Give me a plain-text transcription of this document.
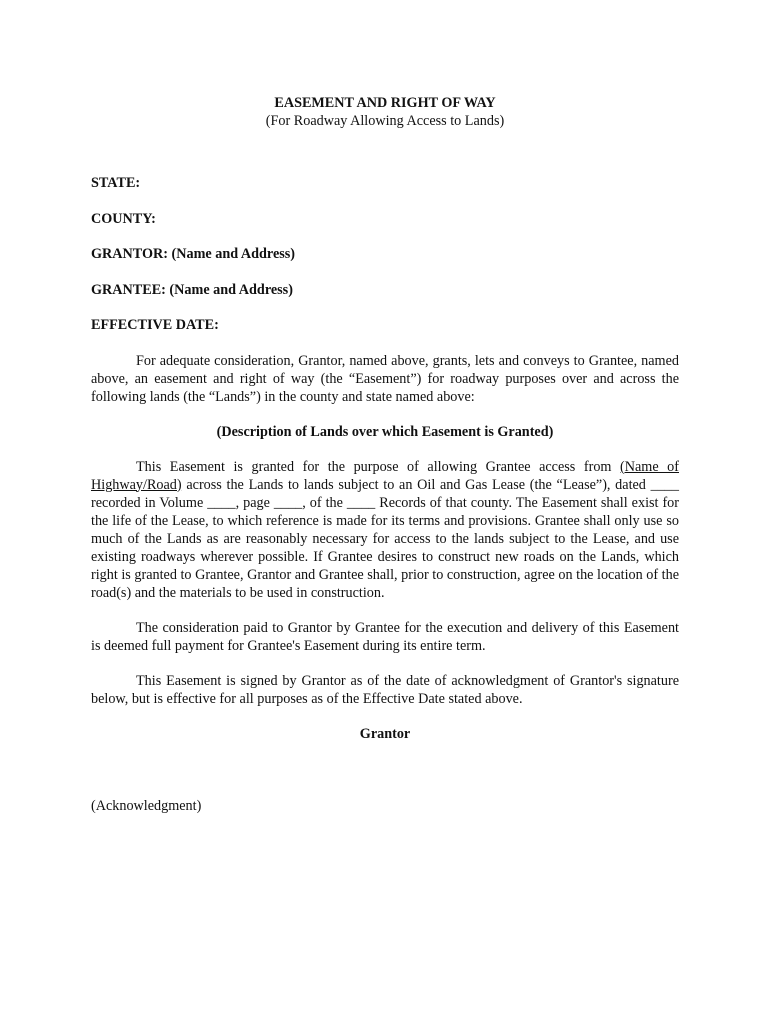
EASEMENT AND RIGHT OF WAY

(For Roadway Allowing Access to Lands)

STATE:

COUNTY:

GRANTOR: (Name and Address)

GRANTEE: (Name and Address)

EFFECTIVE DATE:

For adequate consideration, Grantor, named above, grants, lets and conveys to Grantee, named above, an easement and right of way (the “Easement”) for roadway purposes over and across the following lands (the “Lands”) in the county and state named above:

(Description of Lands over which Easement is Granted)

This Easement is granted for the purpose of allowing Grantee access from (Name of Highway/Road) across the Lands to lands subject to an Oil and Gas Lease (the “Lease”), dated ____ recorded in Volume ____, page ____, of the ____ Records of that county. The Easement shall exist for the life of the Lease, to which reference is made for its terms and provisions. Grantee shall only use so much of the Lands as are reasonably necessary for access to the lands subject to the Lease, and use existing roadways wherever possible. If Grantee desires to construct new roads on the Lands, which right is granted to Grantee, Grantor and Grantee shall, prior to construction, agree on the location of the road(s) and the materials to be used in construction.

The consideration paid to Grantor by Grantee for the execution and delivery of this Easement is deemed full payment for Grantee's Easement during its entire term.

This Easement is signed by Grantor as of the date of acknowledgment of Grantor's signature below, but is effective for all purposes as of the Effective Date stated above.

Grantor

(Acknowledgment)
